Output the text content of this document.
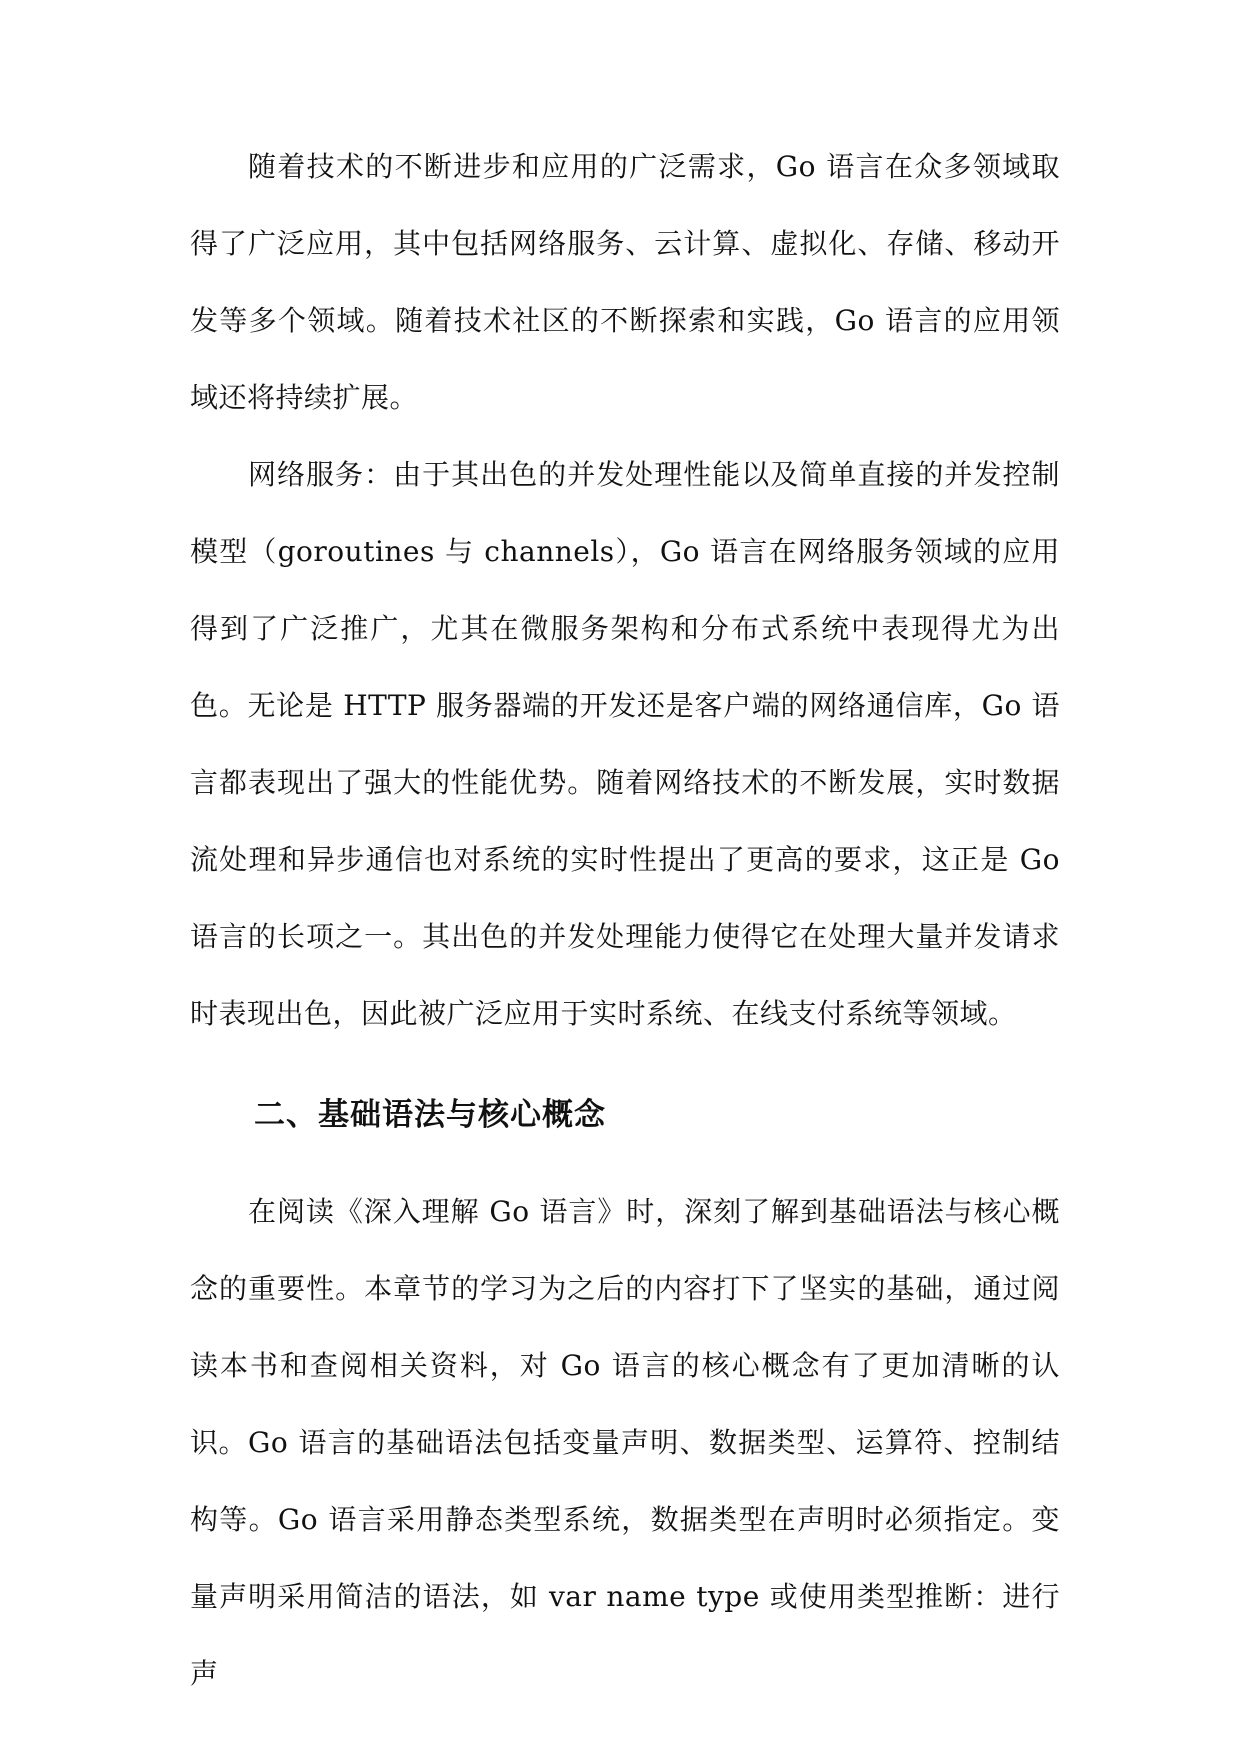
随着技术的不断进步和应用的广泛需求，Go 语言在众多领域取得了广泛应用，其中包括网络服务、云计算、虚拟化、存储、移动开发等多个领域。随着技术社区的不断探索和实践，Go 语言的应用领域还将持续扩展。

网络服务：由于其出色的并发处理性能以及简单直接的并发控制模型（goroutines 与 channels），Go 语言在网络服务领域的应用得到了广泛推广，尤其在微服务架构和分布式系统中表现得尤为出色。无论是 HTTP 服务器端的开发还是客户端的网络通信库，Go 语言都表现出了强大的性能优势。随着网络技术的不断发展，实时数据流处理和异步通信也对系统的实时性提出了更高的要求，这正是 Go 语言的长项之一。其出色的并发处理能力使得它在处理大量并发请求时表现出色，因此被广泛应用于实时系统、在线支付系统等领域。

二、基础语法与核心概念

在阅读《深入理解 Go 语言》时，深刻了解到基础语法与核心概念的重要性。本章节的学习为之后的内容打下了坚实的基础，通过阅读本书和查阅相关资料，对 Go 语言的核心概念有了更加清晰的认识。 Go 语言的基础语法包括变量声明、数据类型、运算符、控制结构等。Go 语言采用静态类型系统，数据类型在声明时必须指定。变量声明采用简洁的语法，如 var name type 或使用类型推断：进行声
